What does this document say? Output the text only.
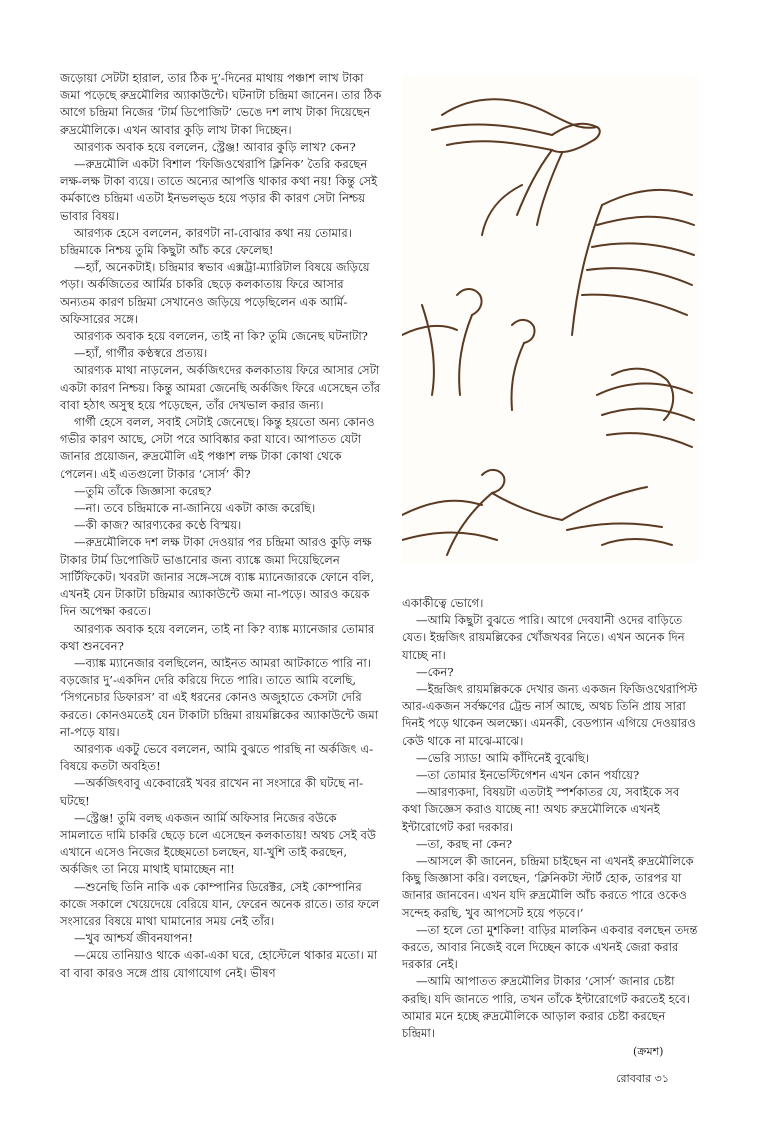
জড়োয়া সেটটা হারাল, তার ঠিক দু’-দিনের মাথায় পঞ্চাশ লাখ টাকা জমা পড়েছে রুদ্রমৌলির অ্যাকাউন্টে। ঘটনাটা চন্দ্রিমা জানেন। তার ঠিক আগে চন্দ্রিমা নিজের ‘টার্ম ডিপোজিট’ ভেঙে দশ লাখ টাকা দিয়েছেন রুদ্রমৌলিকে। এখন আবার কুড়ি লাখ টাকা দিচ্ছেন।

আরণ্যক অবাক হয়ে বললেন, স্ট্রেঞ্জ! আবার কুড়ি লাখ? কেন?

—রুদ্রমৌলি একটা বিশাল ‘ফিজিওথেরাপি ক্লিনিক’ তৈরি করছেন লক্ষ-লক্ষ টাকা ব্যয়ে। তাতে অন্যের আপত্তি থাকার কথা নয়! কিন্তু সেই কর্মকাণ্ডে চন্দ্রিমা এতটা ইনভলভ্‌ড হয়ে পড়ার কী কারণ সেটা নিশ্চয় ভাবার বিষয়।

আরণ্যক হেসে বললেন, কারণটা না-বোঝার কথা নয় তোমার। চন্দ্রিমাকে নিশ্চয় তুমি কিছুটা আঁচ করে ফেলেছ!

—হ্যাঁ, অনেকটাই। চন্দ্রিমার স্বভাব এক্সট্রা-ম্যারিটাল বিষয়ে জড়িয়ে পড়া। অর্কজিতের আর্মির চাকরি ছেড়ে কলকাতায় ফিরে আসার অন্যতম কারণ চন্দ্রিমা সেখানেও জড়িয়ে পড়েছিলেন এক আর্মি-অফিসারের সঙ্গে।

আরণ্যক অবাক হয়ে বললেন, তাই না কি? তুমি জেনেছ ঘটনাটা?

—হ্যাঁ, গার্গীর কণ্ঠস্বরে প্রত্যয়।

আরণ্যক মাথা নাড়লেন, অর্কজিৎদের কলকাতায় ফিরে আসার সেটা একটা কারণ নিশ্চয়। কিন্তু আমরা জেনেছি অর্কজিৎ ফিরে এসেছেন তাঁর বাবা হঠাৎ অসুস্থ হয়ে পড়েছেন, তাঁর দেখভাল করার জন্য।

গার্গী হেসে বলল, সবাই সেটাই জেনেছে। কিন্তু হয়তো অন্য কোনও গভীর কারণ আছে, সেটা পরে আবিষ্কার করা যাবে। আপাতত যেটা জানার প্রয়োজন, রুদ্রমৌলি এই পঞ্চাশ লক্ষ টাকা কোথা থেকে পেলেন। এই এতগুলো টাকার ‘সোর্স’ কী?

—তুমি তাঁকে জিজ্ঞাসা করেছ?

—না। তবে চন্দ্রিমাকে না-জানিয়ে একটা কাজ করেছি।

—কী কাজ? আরণ্যকের কণ্ঠে বিস্ময়।

—রুদ্রমৌলিকে দশ লক্ষ টাকা দেওয়ার পর চন্দ্রিমা আরও কুড়ি লক্ষ টাকার টার্ম ডিপোজিট ভাঙানোর জন্য ব্যাঙ্কে জমা দিয়েছিলেন সার্টিফিকেট। খবরটা জানার সঙ্গে-সঙ্গে ব্যাঙ্ক ম্যানেজারকে ফোনে বলি, এখনই যেন টাকাটা চন্দ্রিমার অ্যাকাউন্টে জমা না-পড়ে। আরও কয়েক দিন অপেক্ষা করতে।

আরণ্যক অবাক হয়ে বললেন, তাই না কি? ব্যাঙ্ক ম্যানেজার তোমার কথা শুনবেন?

—ব্যাঙ্ক ম্যানেজার বলছিলেন, আইনত আমরা আটকাতে পারি না। বড়জোর দু’-একদিন দেরি করিয়ে দিতে পারি। তাতে আমি বলেছি, ‘সিগনেচার ডিফারস’ বা এই ধরনের কোনও অজুহাতে কেসটা দেরি করতে। কোনওমতেই যেন টাকাটা চন্দ্রিমা রায়মল্লিকের অ্যাকাউন্টে জমা না-পড়ে যায়।

আরণ্যক একটু ভেবে বললেন, আমি বুঝতে পারছি না অর্কজিৎ এ-বিষয়ে কতটা অবহিত!

—অর্কজিৎবাবু একেবারেই খবর রাখেন না সংসারে কী ঘটছে না-ঘটছে!

—স্ট্রেঞ্জ! তুমি বলছ একজন আর্মি অফিসার নিজের বউকে সামলাতে দামি চাকরি ছেড়ে চলে এসেছেন কলকাতায়! অথচ সেই বউ এখানে এসেও নিজের ইচ্ছেমতো চলছেন, যা-খুশি তাই করছেন, অর্কজিৎ তা নিয়ে মাথাই ঘামাচ্ছেন না!

—শুনেছি তিনি নাকি এক কোম্পানির ডিরেক্টর, সেই কোম্পানির কাজে সকালে খেয়েদেয়ে বেরিয়ে যান, ফেরেন অনেক রাতে। তার ফলে সংসারের বিষয়ে মাথা ঘামানোর সময় নেই তাঁর।

—খুব আশ্চর্য জীবনযাপন!

—মেয়ে তানিয়াও থাকে একা-একা ঘরে, হোস্টেলে থাকার মতো। মা বা বাবা কারও সঙ্গে প্রায় যোগাযোগ নেই। ভীষণ

একাকীত্বে ভোগে।

—আমি কিছুটা বুঝতে পারি। আগে দেবযানী ওদের বাড়িতে যেত। ইন্দ্রজিৎ রায়মল্লিকের খোঁজখবর নিতে। এখন অনেক দিন যাচ্ছে না।

—কেন?

—ইন্দ্রজিৎ রায়মল্লিককে দেখার জন্য একজন ফিজিওথেরাপিস্ট আর-একজন সর্বক্ষণের ট্রেন্ড নার্স আছে, অথচ তিনি প্রায় সারা দিনই পড়ে থাকেন অলক্ষ্যে। এমনকী, বেডপ্যান এগিয়ে দেওয়ারও কেউ থাকে না মাঝে-মাঝে।

—ভেরি স্যাড! আমি কাঁদিনেই বুঝেছি।

—তা তোমার ইনভেস্টিগেশন এখন কোন পর্যায়ে?

—আরণ্যকদা, বিষয়টা এতটাই স্পর্শকাতর যে, সবাইকে সব কথা জিজ্ঞেস করাও যাচ্ছে না! অথচ রুদ্রমৌলিকে এখনই ইন্টারোগেট করা দরকার।

—তা, করছ না কেন?

—আসলে কী জানেন, চন্দ্রিমা চাইছেন না এখনই রুদ্রমৌলিকে কিছু জিজ্ঞাসা করি। বলছেন, ‘ক্লিনিকটা স্টার্ট হোক, তারপর যা জানার জানবেন। এখন যদি রুদ্রমৌলি আঁচ করতে পারে ওকেও সন্দেহ করছি, খুব আপসেট হয়ে পড়বে।’

—তা হলে তো মুশকিল! বাড়ির মালকিন একবার বলছেন তদন্ত করতে, আবার নিজেই বলে দিচ্ছেন কাকে এখনই জেরা করার দরকার নেই।

—আমি আপাতত রুদ্রমৌলির টাকার ‘সোর্স’ জানার চেষ্টা করছি। যদি জানতে পারি, তখন তাঁকে ইন্টারোগেট করতেই হবে। আমার মনে হচ্ছে রুদ্রমৌলিকে আড়াল করার চেষ্টা করছেন চন্দ্রিমা।

(ক্রমশ)
রোববার ৩১
